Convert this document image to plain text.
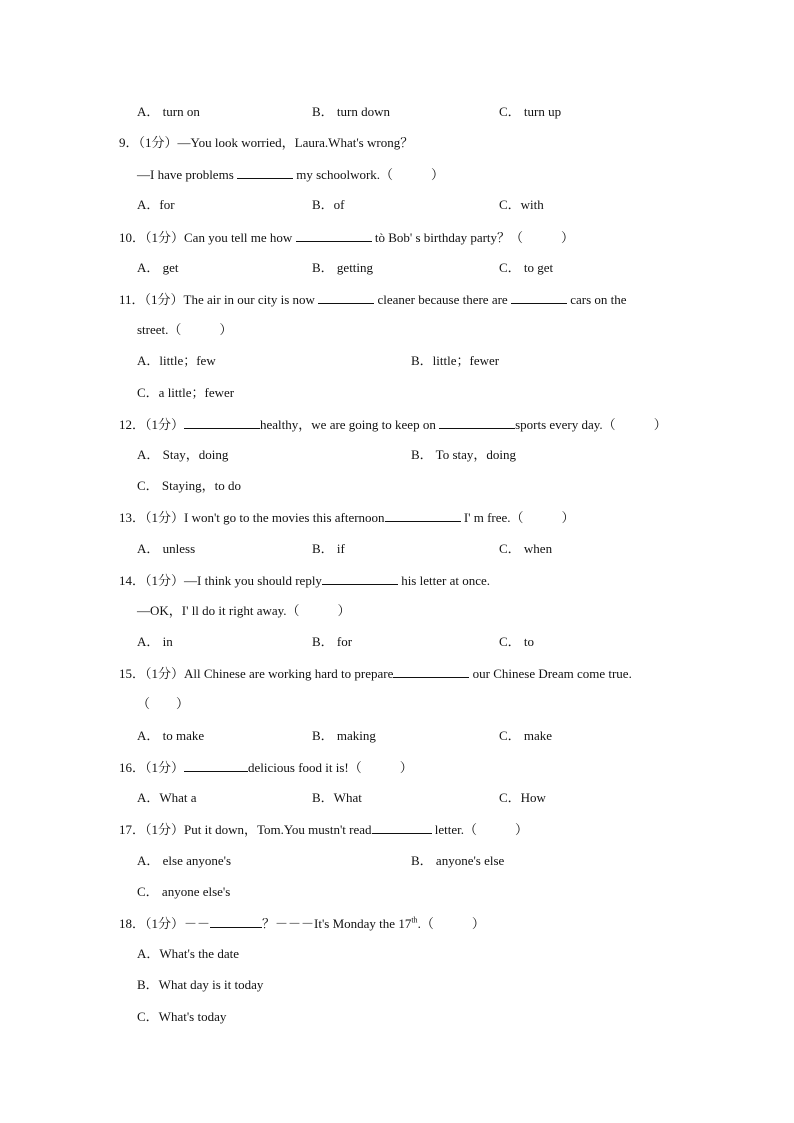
A． turn on	B． turn down	C． turn up
9．（1分）—You look worried，Laura.What's wrong？
—I have problems	my schoolwork.（	）
A．for	B．of	C．with
10．（1分）Can you tell me how	tò Bob' s birthday party？（	）
A． get	B． getting	C． to get
11．（1分）The air in our city is now	cleaner because there are	cars on the
street.（	）
A．little；few	B．little；fewer
C．a little；fewer
12．（1分）	healthy，we are going to keep on	sports every day.（	）
A． Stay，doing	B． To stay，doing
C． Staying，to do
13．（1分）I won't go to the movies this afternoon	I' m free.（	）
A． unless	B． if	C． when
14．（1分）—I think you should reply	his letter at once.
—OK，I' ll do it right away.（	）
A． in	B． for	C． to
15．（1分）All Chinese are working hard to prepare	our Chinese Dream come true.
（ ）
A． to make	B． making	C． make
16．（1分）	delicious food it is!（	）
A．What a	B．What	C．How
17．（1分）Put it down，Tom.You mustn't read	letter.（	）
A． else anyone's	B． anyone's else
C． anyone else's
18．（1分）－－	？－－－It's Monday the 17th.（	）
A．What's the date
B．What day is it today
C．What's today
